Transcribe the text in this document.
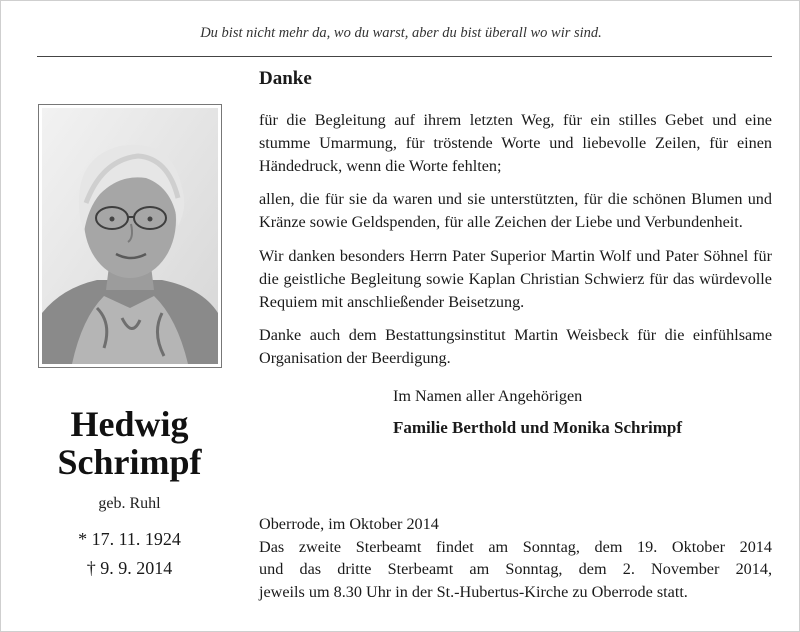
Du bist nicht mehr da, wo du warst, aber du bist überall wo wir sind.
Hedwig
Schrimpf
geb. Ruhl
* 17. 11. 1924
† 9. 9. 2014
Danke

für die Begleitung auf ihrem letzten Weg, für ein stilles Gebet und eine stumme Umarmung, für tröstende Worte und liebevolle Zeilen, für einen Händedruck, wenn die Worte fehlten;

allen, die für sie da waren und sie unterstützten, für die schönen Blumen und Kränze sowie Geldspenden, für alle Zeichen der Liebe und Verbundenheit.

Wir danken besonders Herrn Pater Superior Martin Wolf und Pater Söhnel für die geistliche Begleitung sowie Kaplan Christian Schwierz für das würdevolle Requiem mit anschließender Beisetzung.

Danke auch dem Bestattungsinstitut Martin Weisbeck für die einfühlsame Organisation der Beerdigung.

Im Namen aller Angehörigen
Familie Berthold und Monika Schrimpf
Oberrode, im Oktober 2014
Das zweite Sterbeamt findet am Sonntag, dem 19. Oktober 2014
und das dritte Sterbeamt am Sonntag, dem 2. November 2014,
jeweils um 8.30 Uhr in der St.-Hubertus-Kirche zu Oberrode statt.
